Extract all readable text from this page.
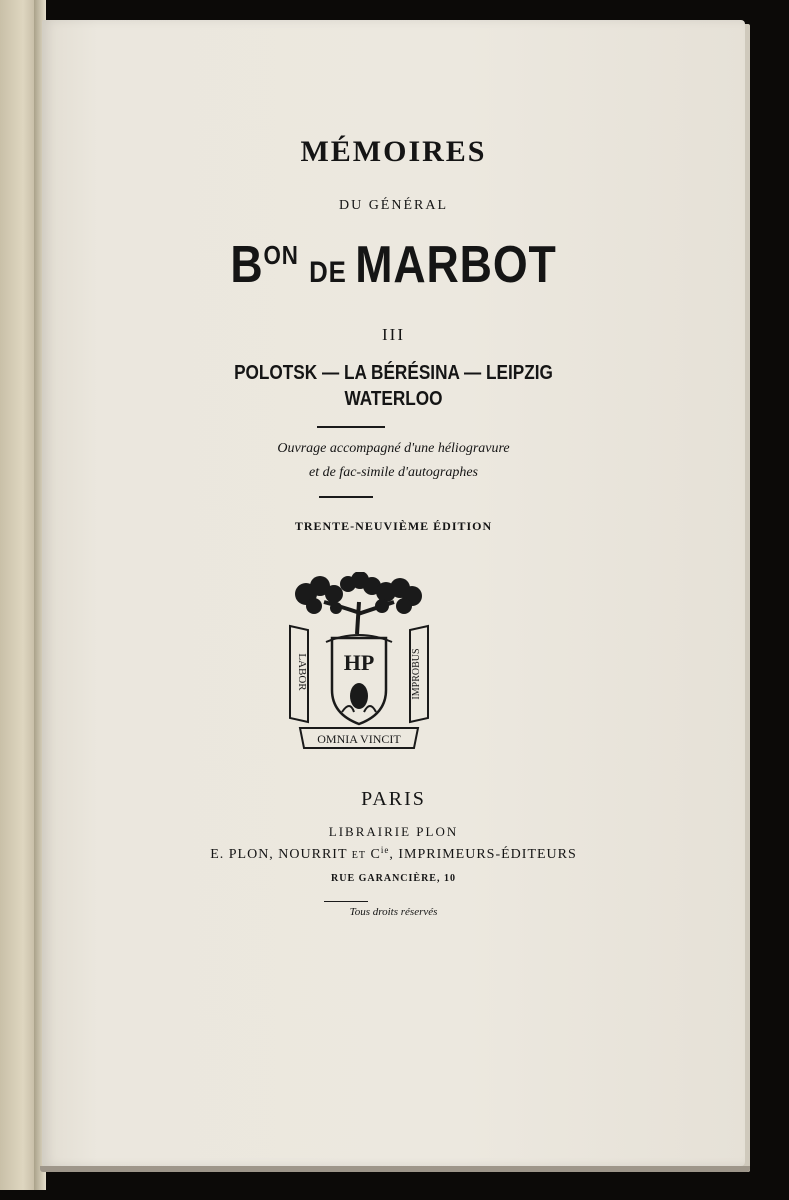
MÉMOIRES

DU GÉNÉRAL

$B^{ON}DE$ MARBOT

III

POLOTSK — LA BÉRÉSINA — LEIPZIG

WATERLOO

Ouvrage accompagné d'une héliogravure

et de fac-simile d'autographes

TRENTE-NEUVIÈME ÉDITION

HP
LABOR	IMPROBUS
OMNIA VINCIT

PARIS

LIBRAIRIE PLON

E. PLON, NOURRIT ET $C^{ie}$, IMPRIMEURS-ÉDITEURS

RUE GARANCIÈRE, 10

Tous droits réservés
